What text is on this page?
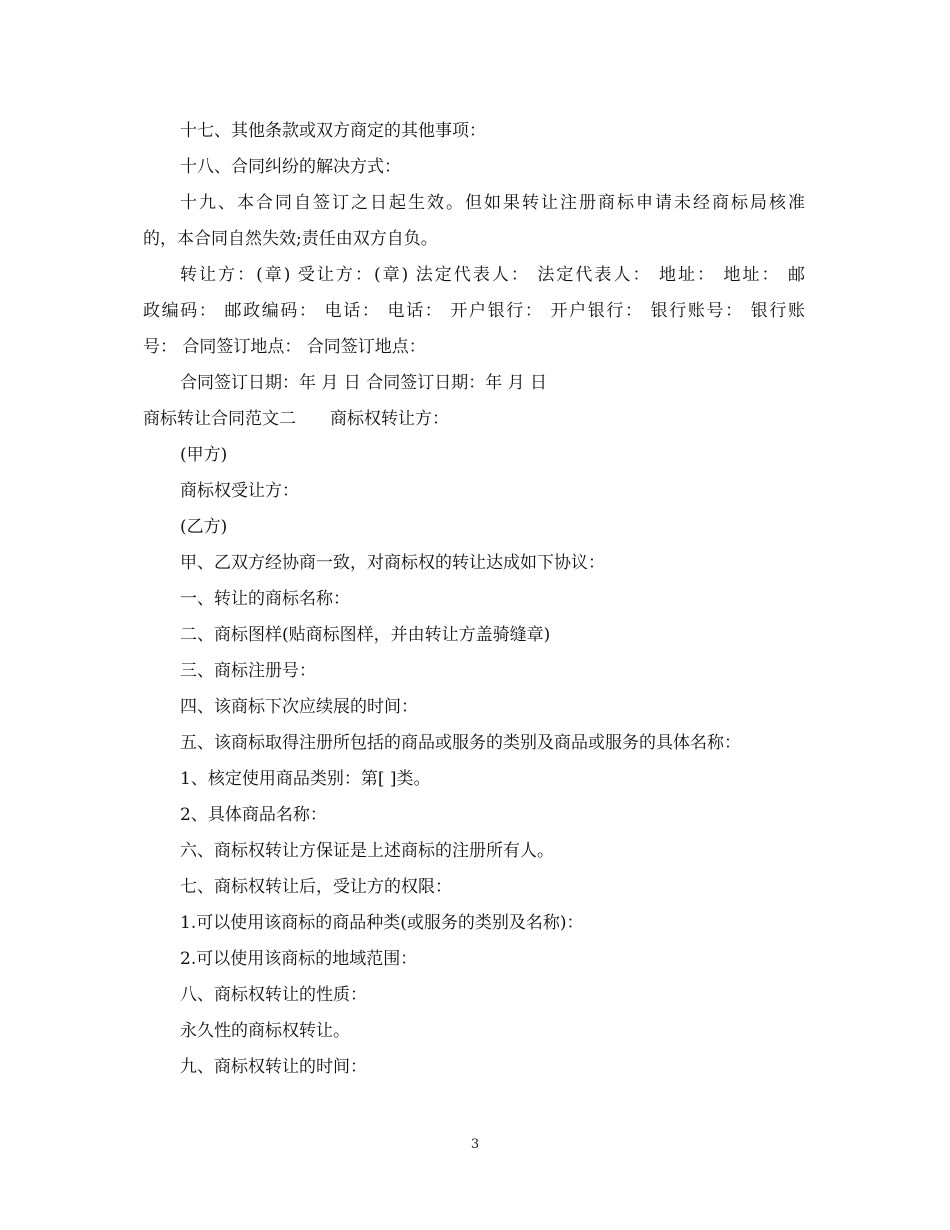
十七、其他条款或双方商定的其他事项：
十八、合同纠纷的解决方式：
十九、本合同自签订之日起生效。但如果转让注册商标申请未经商标局核准
的，本合同自然失效;责任由双方自负。
转让方：(章) 受让方：(章) 法定代表人： 法定代表人： 地址： 地址： 邮
政编码： 邮政编码： 电话： 电话： 开户银行： 开户银行： 银行账号： 银行账
号： 合同签订地点： 合同签订地点：
合同签订日期：年 月 日 合同签订日期：年 月 日
商标转让合同范文二　　商标权转让方：
(甲方)
商标权受让方：
(乙方)
甲、乙双方经协商一致，对商标权的转让达成如下协议：
一、转让的商标名称：
二、商标图样(贴商标图样，并由转让方盖骑缝章)
三、商标注册号：
四、该商标下次应续展的时间：
五、该商标取得注册所包括的商品或服务的类别及商品或服务的具体名称：
1、核定使用商品类别：第[ ]类。
2、具体商品名称：
六、商标权转让方保证是上述商标的注册所有人。
七、商标权转让后，受让方的权限：
1.可以使用该商标的商品种类(或服务的类别及名称)：
2.可以使用该商标的地域范围：
八、商标权转让的性质：
永久性的商标权转让。
九、商标权转让的时间：
3
